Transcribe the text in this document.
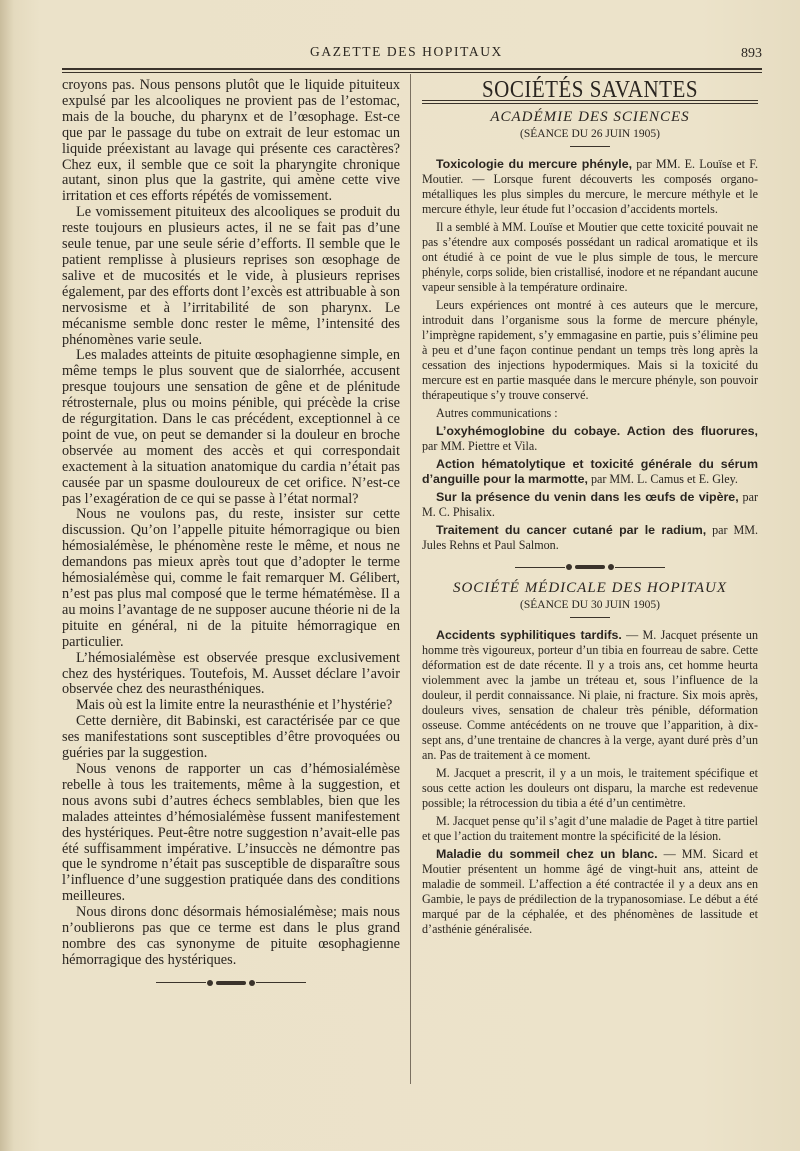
GAZETTE DES HOPITAUX	893

croyons pas. Nous pensons plutôt que le liquide pituiteux expulsé par les alcooliques ne provient pas de l’estomac, mais de la bouche, du pharynx et de l’œsophage. Est-ce que par le passage du tube on extrait de leur estomac un liquide préexistant au lavage qui présente ces caractères? Chez eux, il semble que ce soit la pharyngite chronique autant, sinon plus que la gastrite, qui amène cette vive irritation et ces efforts répétés de vomissement.

Le vomissement pituiteux des alcooliques se produit du reste toujours en plusieurs actes, il ne se fait pas d’une seule tenue, par une seule série d’efforts. Il semble que le patient remplisse à plusieurs reprises son œsophage de salive et de mucosités et le vide, à plusieurs reprises également, par des efforts dont l’excès est attribuable à son nervosisme et à l’irritabilité de son pharynx. Le mécanisme semble donc rester le même, l’intensité des phénomènes varie seule.

Les malades atteints de pituite œsophagienne simple, en même temps le plus souvent que de sialorrhée, accusent presque toujours une sensation de gêne et de plénitude rétrosternale, plus ou moins pénible, qui précède la crise de régurgitation. Dans le cas précédent, exceptionnel à ce point de vue, on peut se demander si la douleur en broche observée au moment des accès et qui correspondait exactement à la situation anatomique du cardia n’était pas causée par un spasme douloureux de cet orifice. N’est-ce pas l’exagération de ce qui se passe à l’état normal?

Nous ne voulons pas, du reste, insister sur cette discussion. Qu’on l’appelle pituite hémorragique ou bien hémosialémèse, le phénomène reste le même, et nous ne demandons pas mieux après tout que d’adopter le terme hémosialémèse qui, comme le fait remarquer M. Gélibert, n’est pas plus mal composé que le terme hématémèse. Il a au moins l’avantage de ne supposer aucune théorie ni de la pituite en général, ni de la pituite hémorragique en particulier.

L’hémosialémèse est observée presque exclusivement chez des hystériques. Toutefois, M. Ausset déclare l’avoir observée chez des neurasthéniques.

Mais où est la limite entre la neurasthénie et l’hystérie?

Cette dernière, dit Babinski, est caractérisée par ce que ses manifestations sont susceptibles d’être provoquées ou guéries par la suggestion.

Nous venons de rapporter un cas d’hémosialémèse rebelle à tous les traitements, même à la suggestion, et nous avons subi d’autres échecs semblables, bien que les malades atteintes d’hémosialémèse fussent manifestement des hystériques. Peut-être notre suggestion n’avait-elle pas été suffisamment impérative. L’insuccès ne démontre pas que le syndrome n’était pas susceptible de disparaître sous l’influence d’une suggestion pratiquée dans des conditions meilleures.

Nous dirons donc désormais hémosialémèse; mais nous n’oublierons pas que ce terme est dans le plus grand nombre des cas synonyme de pituite œsophagienne hémorragique des hystériques.

SOCIÉTÉS SAVANTES
ACADÉMIE DES SCIENCES
(SÉANCE DU 26 JUIN 1905)

Toxicologie du mercure phényle, par MM. E. Louïse et F. Moutier. — Lorsque furent découverts les composés organo-métalliques les plus simples du mercure, le mercure méthyle et le mercure éthyle, leur étude fut l’occasion d’accidents mortels.

Il a semblé à MM. Louïse et Moutier que cette toxicité pouvait ne pas s’étendre aux composés possédant un radical aromatique et ils ont étudié à ce point de vue le plus simple de tous, le mercure phényle, corps solide, bien cristallisé, inodore et ne répandant aucune vapeur sensible à la température ordinaire.

Leurs expériences ont montré à ces auteurs que le mercure, introduit dans l’organisme sous la forme de mercure phényle, l’imprègne rapidement, s’y emmagasine en partie, puis s’élimine peu à peu et d’une façon continue pendant un temps très long après la cessation des injections hypodermiques. Mais si la toxicité du mercure est en partie masquée dans le mercure phényle, son pouvoir thérapeutique s’y trouve conservé.

Autres communications :

L’oxyhémoglobine du cobaye. Action des fluorures, par MM. Piettre et Vila.

Action hématolytique et toxicité générale du sérum d’anguille pour la marmotte, par MM. L. Camus et E. Gley.

Sur la présence du venin dans les œufs de vipère, par M. C. Phisalix.

Traitement du cancer cutané par le radium, par MM. Jules Rehns et Paul Salmon.

SOCIÉTÉ MÉDICALE DES HOPITAUX
(SÉANCE DU 30 JUIN 1905)

Accidents syphilitiques tardifs. — M. Jacquet présente un homme très vigoureux, porteur d’un tibia en fourreau de sabre. Cette déformation est de date récente. Il y a trois ans, cet homme heurta violemment avec la jambe un tréteau et, sous l’influence de la douleur, il perdit connaissance. Ni plaie, ni fracture. Six mois après, douleurs vives, sensation de chaleur très pénible, déformation osseuse. Comme antécédents on ne trouve que l’apparition, à dix-sept ans, d’une trentaine de chancres à la verge, ayant duré près d’un an. Pas de traitement à ce moment.

M. Jacquet a prescrit, il y a un mois, le traitement spécifique et sous cette action les douleurs ont disparu, la marche est redevenue possible; la rétrocession du tibia a été d’un centimètre.

M. Jacquet pense qu’il s’agit d’une maladie de Paget à titre partiel et que l’action du traitement montre la spécificité de la lésion.

Maladie du sommeil chez un blanc. — MM. Sicard et Moutier présentent un homme âgé de vingt-huit ans, atteint de maladie de sommeil. L’affection a été contractée il y a deux ans en Gambie, le pays de prédilection de la trypanosomiase. Le début a été marqué par de la céphalée, et des phénomènes de lassitude et d’asthénie généralisée.
